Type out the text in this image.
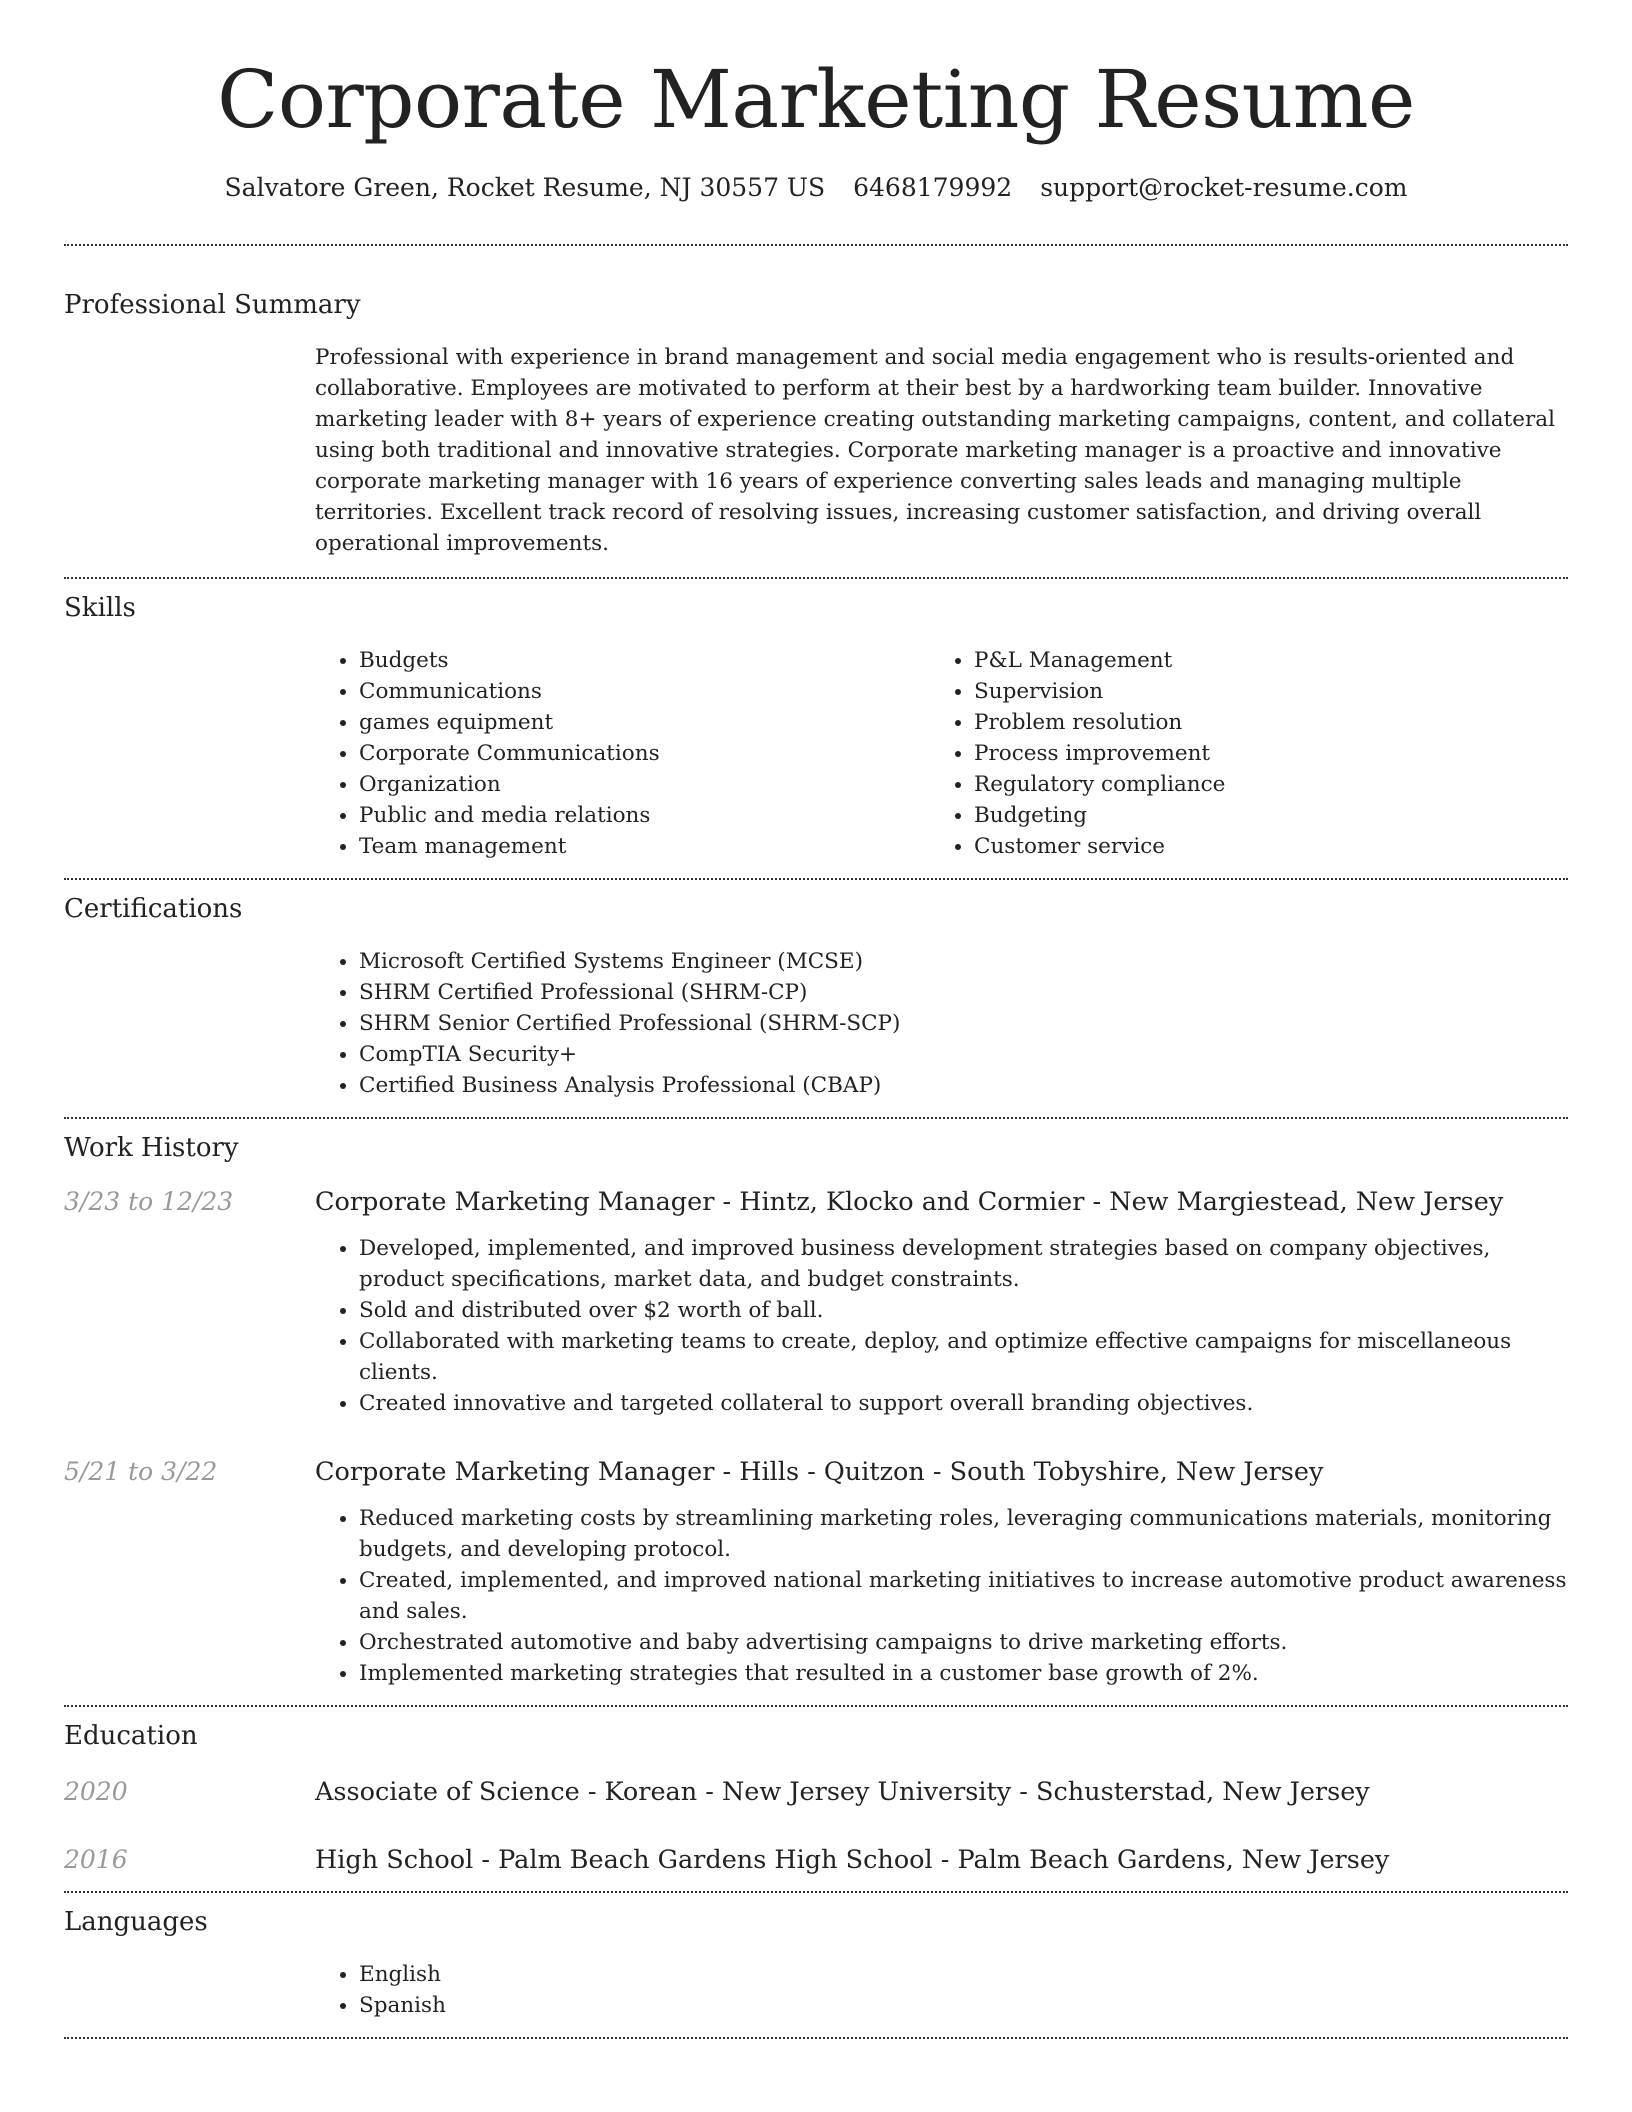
Corporate Marketing Resume
Salvatore Green, Rocket Resume, NJ 30557 US 6468179992 support@rocket-resume.com
Professional Summary
Professional with experience in brand management and social media engagement who is results-oriented and collaborative. Employees are motivated to perform at their best by a hardworking team builder. Innovative marketing leader with 8+ years of experience creating outstanding marketing campaigns, content, and collateral using both traditional and innovative strategies. Corporate marketing manager is a proactive and innovative corporate marketing manager with 16 years of experience converting sales leads and managing multiple territories. Excellent track record of resolving issues, increasing customer satisfaction, and driving overall operational improvements.
Skills
• Budgets
• Communications
• games equipment
• Corporate Communications
• Organization
• Public and media relations
• Team management
• P&L Management
• Supervision
• Problem resolution
• Process improvement
• Regulatory compliance
• Budgeting
• Customer service
Certifications
• Microsoft Certified Systems Engineer (MCSE)
• SHRM Certified Professional (SHRM-CP)
• SHRM Senior Certified Professional (SHRM-SCP)
• CompTIA Security+
• Certified Business Analysis Professional (CBAP)
Work History
3/23 to 12/23	Corporate Marketing Manager - Hintz, Klocko and Cormier - New Margiestead, New Jersey
• Developed, implemented, and improved business development strategies based on company objectives, product specifications, market data, and budget constraints.
• Sold and distributed over $2 worth of ball.
• Collaborated with marketing teams to create, deploy, and optimize effective campaigns for miscellaneous clients.
• Created innovative and targeted collateral to support overall branding objectives.
5/21 to 3/22	Corporate Marketing Manager - Hills - Quitzon - South Tobyshire, New Jersey
• Reduced marketing costs by streamlining marketing roles, leveraging communications materials, monitoring budgets, and developing protocol.
• Created, implemented, and improved national marketing initiatives to increase automotive product awareness and sales.
• Orchestrated automotive and baby advertising campaigns to drive marketing efforts.
• Implemented marketing strategies that resulted in a customer base growth of 2%.
Education
2020	Associate of Science - Korean - New Jersey University - Schusterstad, New Jersey
2016	High School - Palm Beach Gardens High School - Palm Beach Gardens, New Jersey
Languages
• English
• Spanish
